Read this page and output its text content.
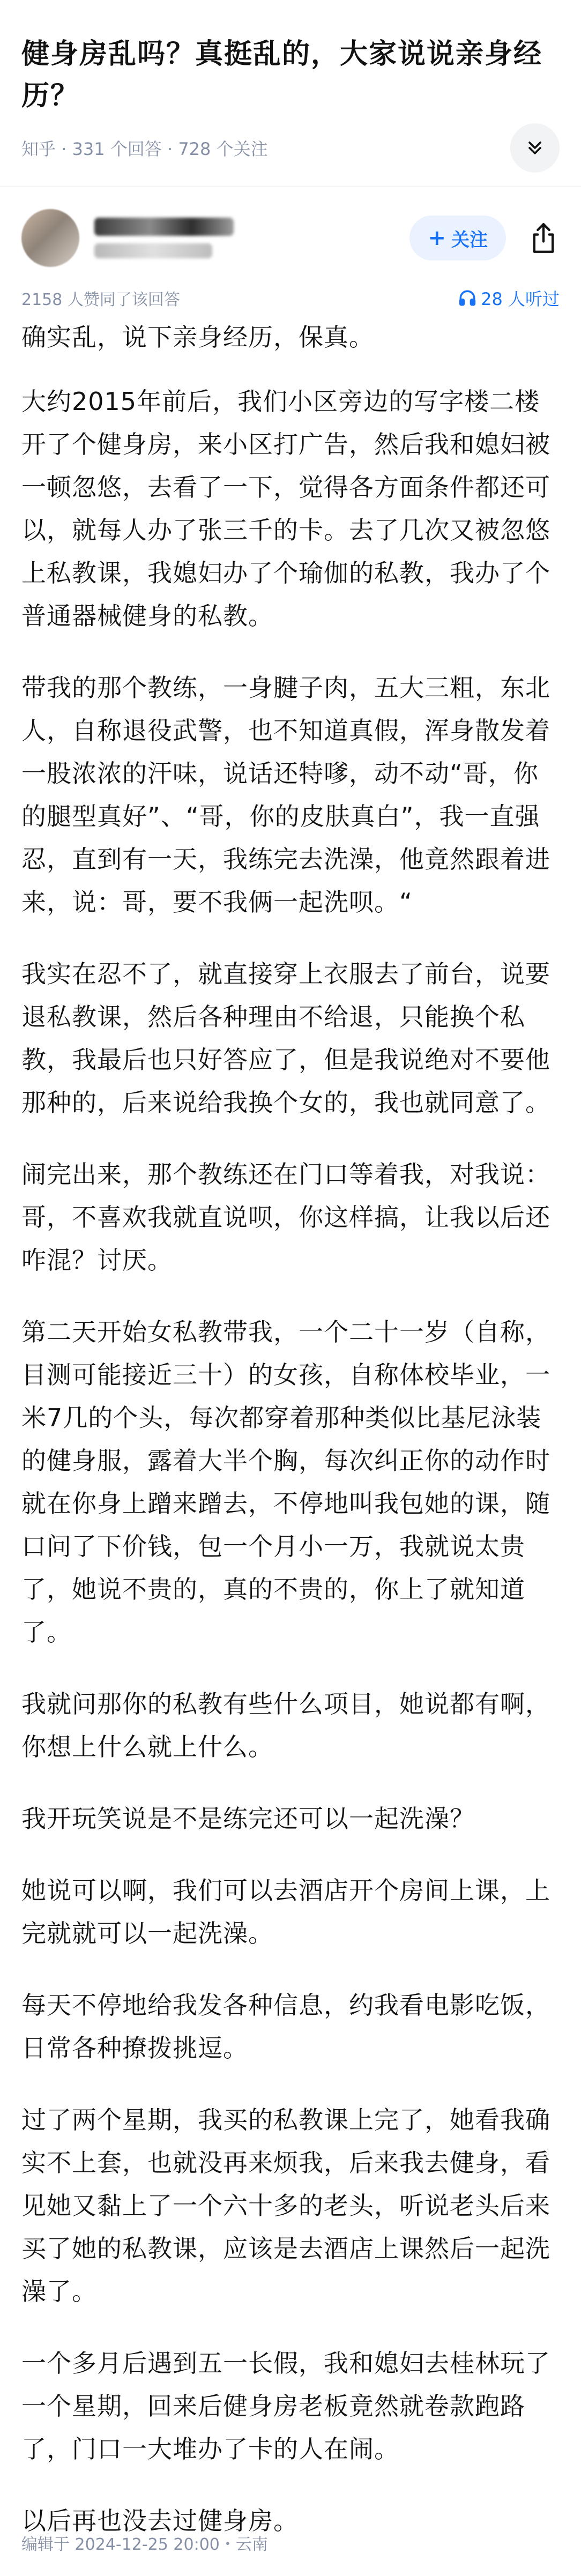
健身房乱吗？真挺乱的，大家说说亲身经历？
知乎 · 331 个回答 · 728 个关注
+ 关注
2158 人赞同了该回答	28 人听过

确实乱，说下亲身经历，保真。

大约2015年前后，我们小区旁边的写字楼二楼开了个健身房，来小区打广告，然后我和媳妇被一顿忽悠，去看了一下，觉得各方面条件都还可以，就每人办了张三千的卡。去了几次又被忽悠上私教课，我媳妇办了个瑜伽的私教，我办了个普通器械健身的私教。

带我的那个教练，一身腱子肉，五大三粗，东北人，自称退役武警，也不知道真假，浑身散发着一股浓浓的汗味，说话还特嗲，动不动“哥，你的腿型真好”、“哥，你的皮肤真白”，我一直强忍，直到有一天，我练完去洗澡，他竟然跟着进来，说：哥，要不我俩一起洗呗。“

我实在忍不了，就直接穿上衣服去了前台，说要退私教课，然后各种理由不给退，只能换个私教，我最后也只好答应了，但是我说绝对不要他那种的，后来说给我换个女的，我也就同意了。

闹完出来，那个教练还在门口等着我，对我说：哥，不喜欢我就直说呗，你这样搞，让我以后还咋混？讨厌。

第二天开始女私教带我，一个二十一岁（自称，目测可能接近三十）的女孩，自称体校毕业，一米7几的个头，每次都穿着那种类似比基尼泳装的健身服，露着大半个胸，每次纠正你的动作时就在你身上蹭来蹭去，不停地叫我包她的课，随口问了下价钱，包一个月小一万，我就说太贵了，她说不贵的，真的不贵的，你上了就知道了。

我就问那你的私教有些什么项目，她说都有啊，你想上什么就上什么。

我开玩笑说是不是练完还可以一起洗澡？

她说可以啊，我们可以去酒店开个房间上课，上完就就可以一起洗澡。

每天不停地给我发各种信息，约我看电影吃饭，日常各种撩拨挑逗。

过了两个星期，我买的私教课上完了，她看我确实不上套，也就没再来烦我，后来我去健身，看见她又黏上了一个六十多的老头，听说老头后来买了她的私教课，应该是去酒店上课然后一起洗澡了。

一个多月后遇到五一长假，我和媳妇去桂林玩了一个星期，回来后健身房老板竟然就卷款跑路了，门口一大堆办了卡的人在闹。

以后再也没去过健身房。

编辑于 2024-12-25 20:00・云南
